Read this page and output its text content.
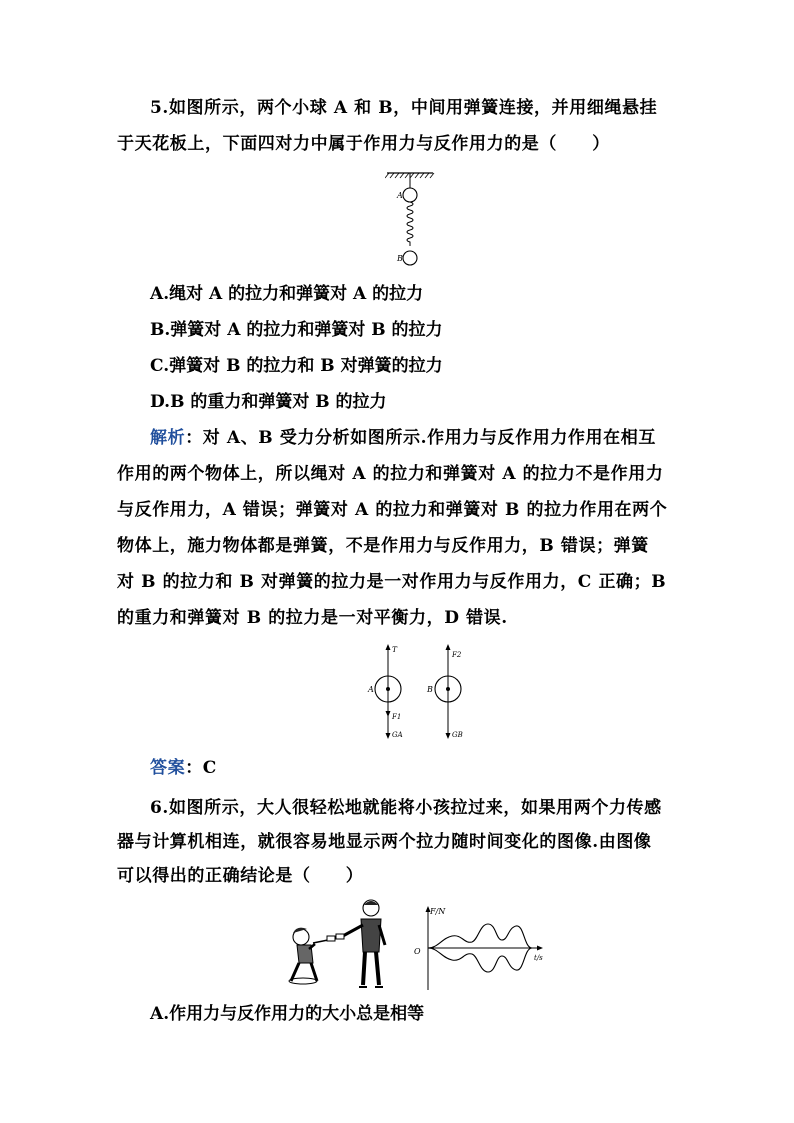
5.如图所示，两个小球 A 和 B，中间用弹簧连接，并用细绳悬挂
于天花板上，下面四对力中属于作用力与反作用力的是（　　）
A
B
A.绳对 A 的拉力和弹簧对 A 的拉力
B.弹簧对 A 的拉力和弹簧对 B 的拉力
C.弹簧对 B 的拉力和 B 对弹簧的拉力
D.B 的重力和弹簧对 B 的拉力
解析：对 A、B 受力分析如图所示.作用力与反作用力作用在相互
作用的两个物体上，所以绳对 A 的拉力和弹簧对 A 的拉力不是作用力
与反作用力，A 错误；弹簧对 A 的拉力和弹簧对 B 的拉力作用在两个
物体上，施力物体都是弹簧，不是作用力与反作用力，B 错误；弹簧
对 B 的拉力和 B 对弹簧的拉力是一对作用力与反作用力，C 正确；B
的重力和弹簧对 B 的拉力是一对平衡力，D 错误.
T
A
F1
GA
F2
B
GB
答案：C
6.如图所示，大人很轻松地就能将小孩拉过来，如果用两个力传感
器与计算机相连，就很容易地显示两个拉力随时间变化的图像.由图像
可以得出的正确结论是（　　）
F/N
t/s
O
A.作用力与反作用力的大小总是相等
